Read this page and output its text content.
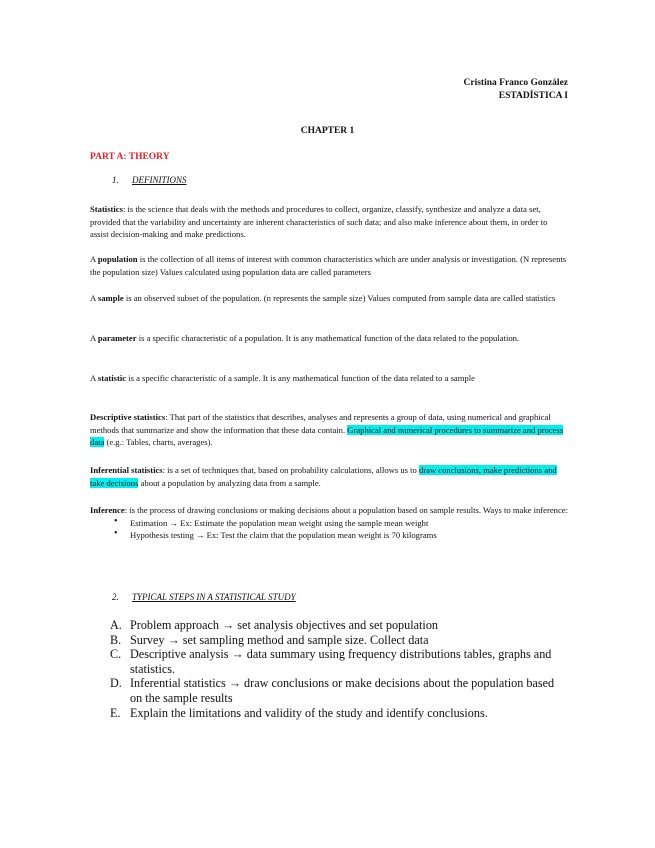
Cristina Franco González
ESTADÍSTICA I
CHAPTER 1
PART A: THEORY
1. DEFINITIONS
Statistics: is the science that deals with the methods and procedures to collect, organize, classify, synthesize and analyze a data set, provided that the variability and uncertainty are inherent characteristics of such data; and also make inference about them, in order to assist decision-making and make predictions.
A population is the collection of all items of interest with common characteristics which are under analysis or investigation. (N represents the population size) Values calculated using population data are called parameters
A sample is an observed subset of the population. (n represents the sample size) Values computed from sample data are called statistics
A parameter is a specific characteristic of a population. It is any mathematical function of the data related to the population.
A statistic is a specific characteristic of a sample. It is any mathematical function of the data related to a sample
Descriptive statistics: That part of the statistics that describes, analyses and represents a group of data, using numerical and graphical methods that summarize and show the information that these data contain. Graphical and numerical procedures to summarize and process data (e.g.: Tables, charts, averages).
Inferential statistics: is a set of techniques that, based on probability calculations, allows us to draw conclusions, make predictions and take decisions about a population by analyzing data from a sample.
Inference: is the process of drawing conclusions or making decisions about a population based on sample results. Ways to make inference:
• Estimation → Ex: Estimate the population mean weight using the sample mean weight
• Hypothesis testing → Ex: Test the claim that the population mean weight is 70 kilograms
2. TYPICAL STEPS IN A STATISTICAL STUDY
A. Problem approach → set analysis objectives and set population
B. Survey → set sampling method and sample size. Collect data
C. Descriptive analysis → data summary using frequency distributions tables, graphs and statistics.
D. Inferential statistics → draw conclusions or make decisions about the population based on the sample results
E. Explain the limitations and validity of the study and identify conclusions.
